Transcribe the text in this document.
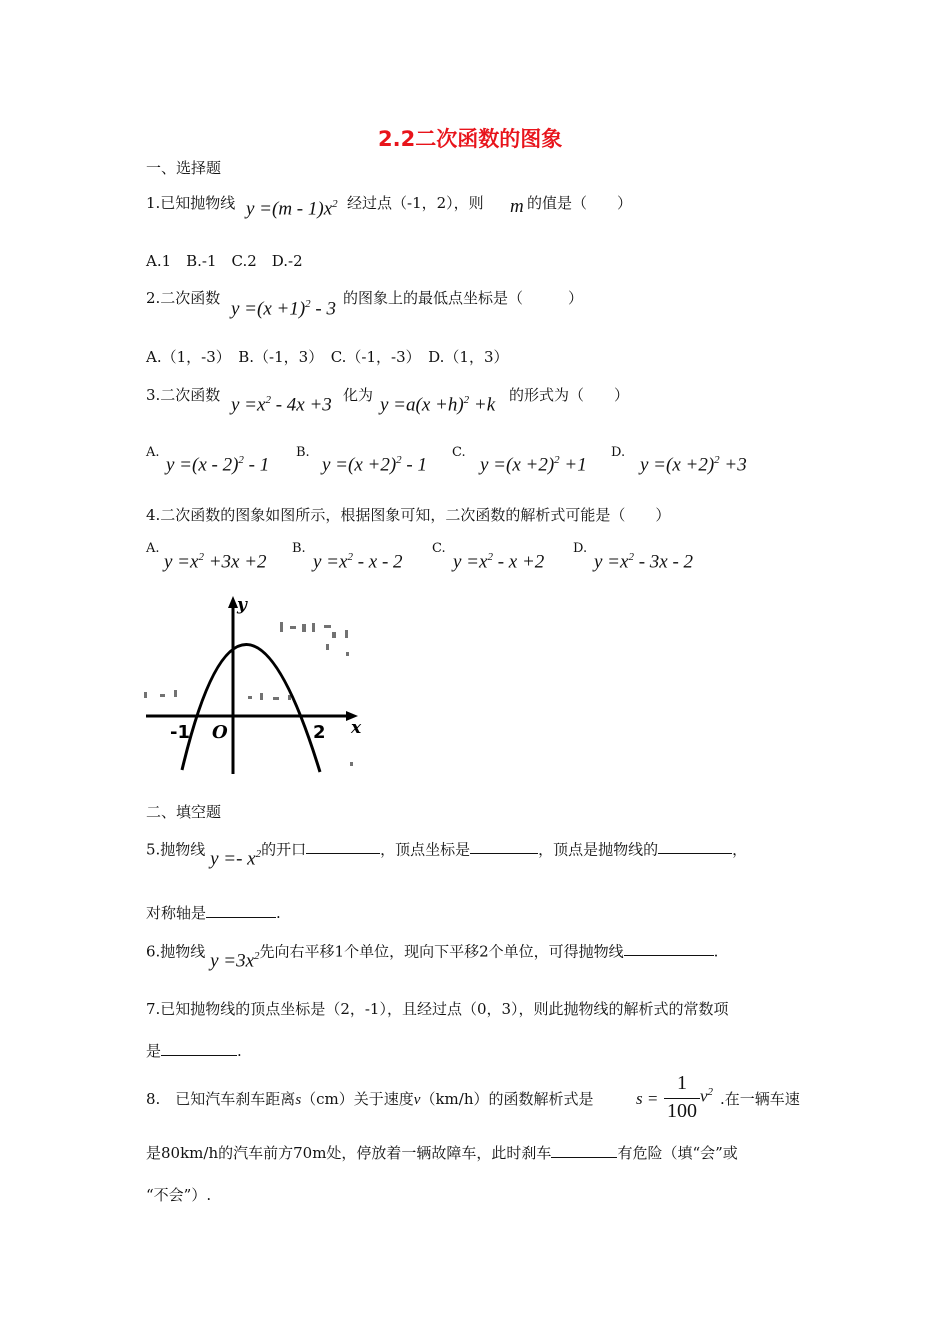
2.2二次函数的图象
一、选择题
1.已知抛物线 $y =(m - 1)x^2$ 经过点（-1，2），则 m 的值是（　　）
A.1　B.-1　C.2　D.-2
2.二次函数
$y =(x +1)^2 - 3$
的图象上的最低点坐标是（　　　）
A.（1，-3）　B.（-1，3）　C.（-1，-3）　D.（1，3）
3.二次函数 $y =x^2 - 4x +3$ 化为 $y =a(x +h)^2 +k$ 的形式为（　　）
A.
y =(x - 2)$^2$ - 1
B.
$y =(x +2)^2 - 1$
C.
$y =(x +2)^2 +1$
D.
$y =(x +2)^2 +3$
4.二次函数的图象如图所示，根据图象可知，二次函数的解析式可能是（　　）
A.
$y =x^2 +3x +2$
B.
$y =x^2 - x - 2$
C.
$y =x^2 - x +2$
D.
$y =x^2 - 3x - 2$
y
x
O
-1	2
二、填空题
5.抛物线 $y =- x^2$的开口	，顶点坐标是	，顶点是抛物线的	，
对称轴是	.
6.抛物线 $y =3x^2$先向右平移1个单位，现向下平移2个单位，可得抛物线	.
7.已知抛物线的顶点坐标是（2，-1），且经过点（0，3），则此抛物线的解析式的常数项
是	.
8.　已知汽车刹车距离s（cm）关于速度v（km/h）的函数解析式是	s =
1
100
$v^2$ .在一辆车速
是80km/h的汽车前方70m处，停放着一辆故障车，此时刹车	有危险（填“会”或
“不会”）.
